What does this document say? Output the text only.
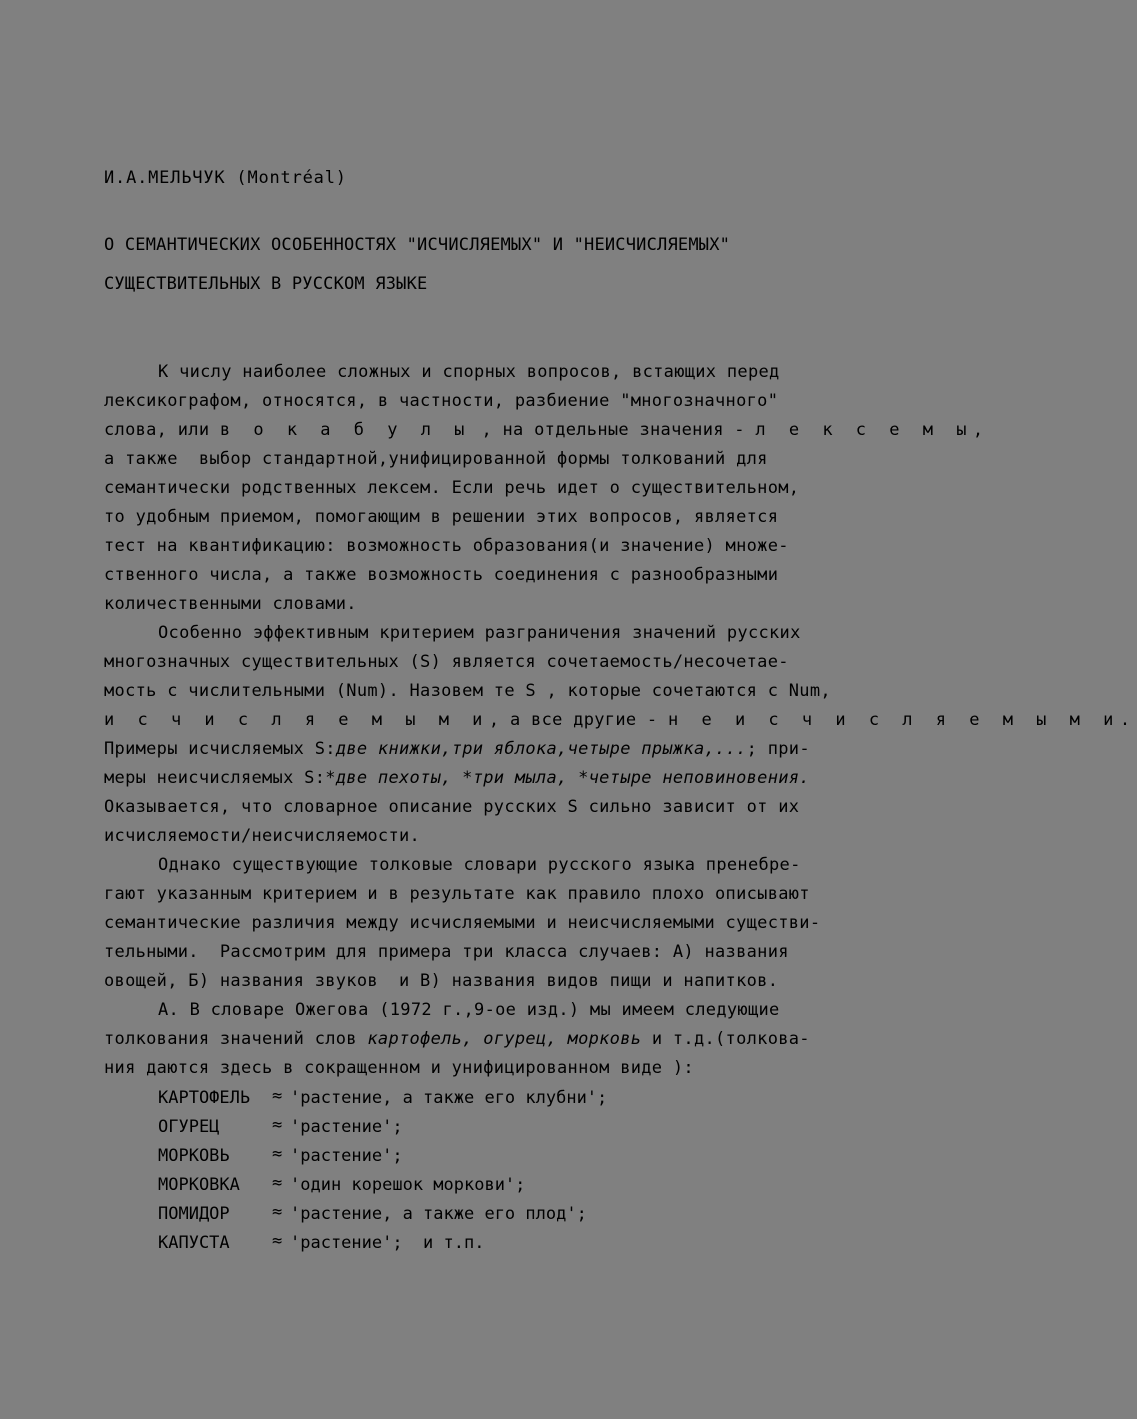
И.А.МЕЛЬЧУК (Montréal)
О СЕМАНТИЧЕСКИХ ОСОБЕННОСТЯХ "ИСЧИСЛЯЕМЫХ" И "НЕИСЧИСЛЯЕМЫХ"
СУЩЕСТВИТЕЛЬНЫХ В РУССКОМ ЯЗЫКЕ
К числу наиболее сложных и спорных вопросов, встающих перед
лексикографом, относятся, в частности, разбиение "многозначного"
слова, или в о к а б у л ы , на отдельные значения - л е к с е м ы,
а также  выбор стандартной,унифицированной формы толкований для
семантически родственных лексем. Если речь идет о существительном,
то удобным приемом, помогающим в решении этих вопросов, является
тест на квантификацию: возможность образования(и значение) множе-
ственного числа, а также возможность соединения с разнообразными
количественными словами.
Особенно эффективным критерием разграничения значений русских
многозначных существительных (S) является сочетаемость/несочетае-
мость с числительными (Num). Назовем те S , которые сочетаются с Num,
и с ч и с л я е м ы м и, а все другие - н е и с ч и с л я е м ы м и.
Примеры исчисляемых S:две книжки,три яблока,четыре прыжка,...; при-
меры неисчисляемых S:*две пехоты, *три мыла, *четыре неповиновения.
Оказывается, что словарное описание русских S сильно зависит от их
исчисляемости/неисчисляемости.
Однако существующие толковые словари русского языка пренебре-
гают указанным критерием и в результате как правило плохо описывают
семантические различия между исчисляемыми и неисчисляемыми существи-
тельными.  Рассмотрим для примера три класса случаев: А) названия
овощей, Б) названия звуков  и В) названия видов пищи и напитков.
А. В словаре Ожегова (1972 г.,9-ое изд.) мы имеем следующие
толкования значений слов картофель, огурец, морковь и т.д.(толкова-
ния даются здесь в сокращенном и унифицированном виде ):
КАРТОФЕЛЬ ≈ 'растение, а также его клубни';
ОГУРЕЦ	≈ 'растение';
МОРКОВЬ ≈ 'растение';
МОРКОВКА ≈ 'один корешок моркови';
ПОМИДОР ≈ 'растение, а также его плод';
КАПУСТА ≈ 'растение';  и т.п.
